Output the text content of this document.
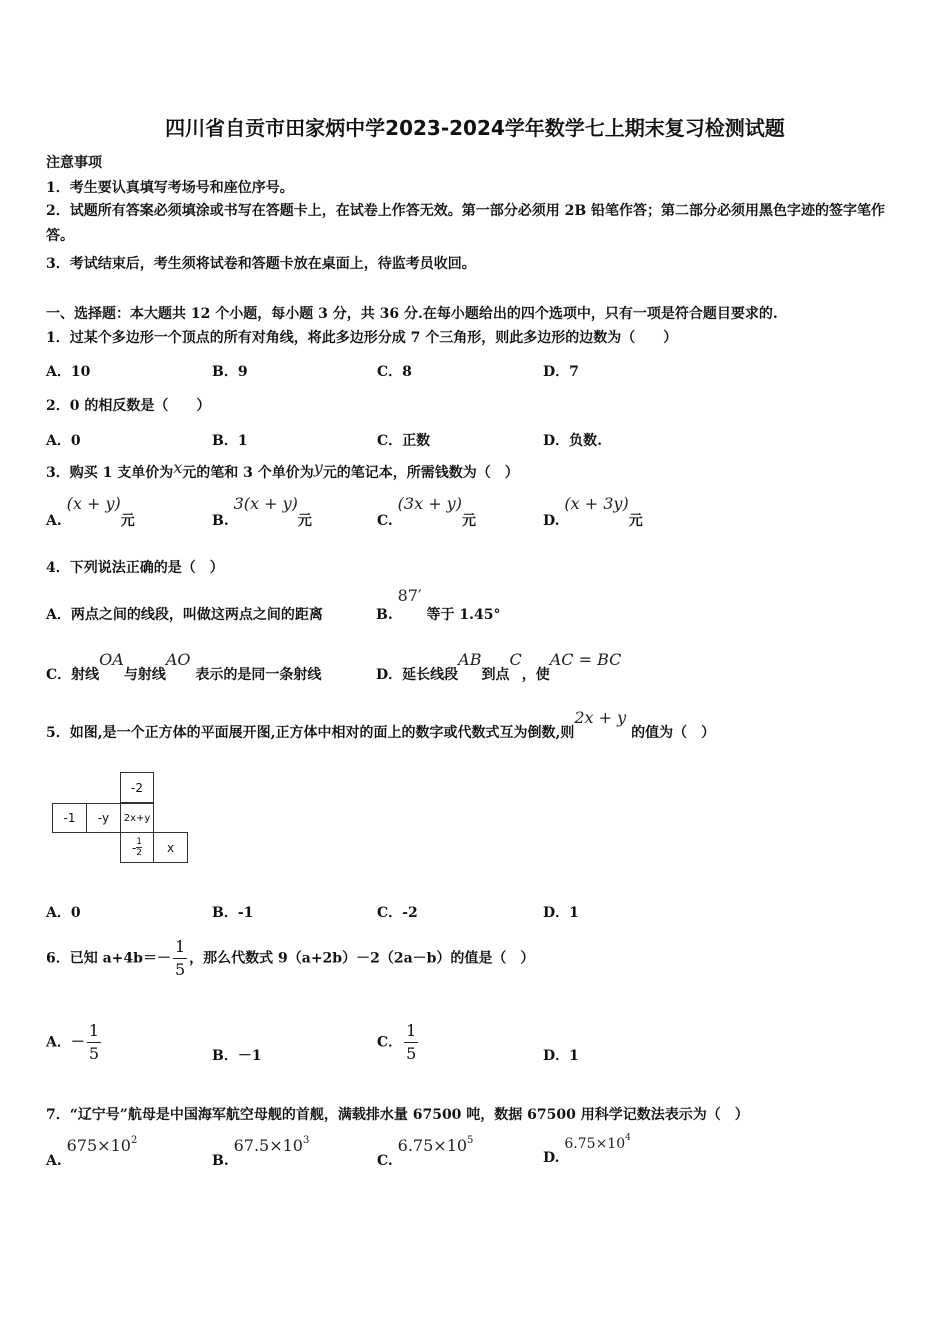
四川省自贡市田家炳中学2023-2024学年数学七上期末复习检测试题
注意事项
1．考生要认真填写考场号和座位序号。
2．试题所有答案必须填涂或书写在答题卡上，在试卷上作答无效。第一部分必须用 2B 铅笔作答；第二部分必须用黑色字迹的签字笔作答。
3．考试结束后，考生须将试卷和答题卡放在桌面上，待监考员收回。
一、选择题：本大题共 12 个小题，每小题 3 分，共 36 分.在每小题给出的四个选项中，只有一项是符合题目要求的.
1．过某个多边形一个顶点的所有对角线，将此多边形分成 7 个三角形，则此多边形的边数为（　　）
A．10	B．9	C．8	D．7
2．0 的相反数是（　　）
A．0	B．1	C．正数	D．负数.
3．购买 1 支单价为x元的笔和 3 个单价为y元的笔记本，所需钱数为（　）
A. (x + y)元	B. 3(x + y)元	C. (3x + y)元	D. (x + 3y)元
4．下列说法正确的是（　）
A．两点之间的线段，叫做这两点之间的距离	B. 87′ 等于 1.45°
C．射线OA与射线AO 表示的是同一条射线	D．延长线段AB到点C，使AC = BC
5．如图,是一个正方体的平面展开图,正方体中相对的面上的数字或代数式互为倒数,则2x + y 的值为（　）
-2
-1	-y	2x+y
- $\frac{1}{2}$	x
A．0	B．-1	C．-2	D．1
6．已知 $a+4b=- \frac{1}{5}$ ，那么代数式 9（a+2b）－2（2a－b）的值是（　）
A．－ $\frac{1}{5}$	B．－1
C． $\frac{1}{5}$	D．1
7．“辽宁号”航母是中国海军航空母舰的首舰，满载排水量 67500 吨，数据 67500 用科学记数法表示为（　）
A. $675\times 10^2$
B. $67.5\times 10^3$
C. $6.75\times 10^5$
D. $6.75\times 10^4$
